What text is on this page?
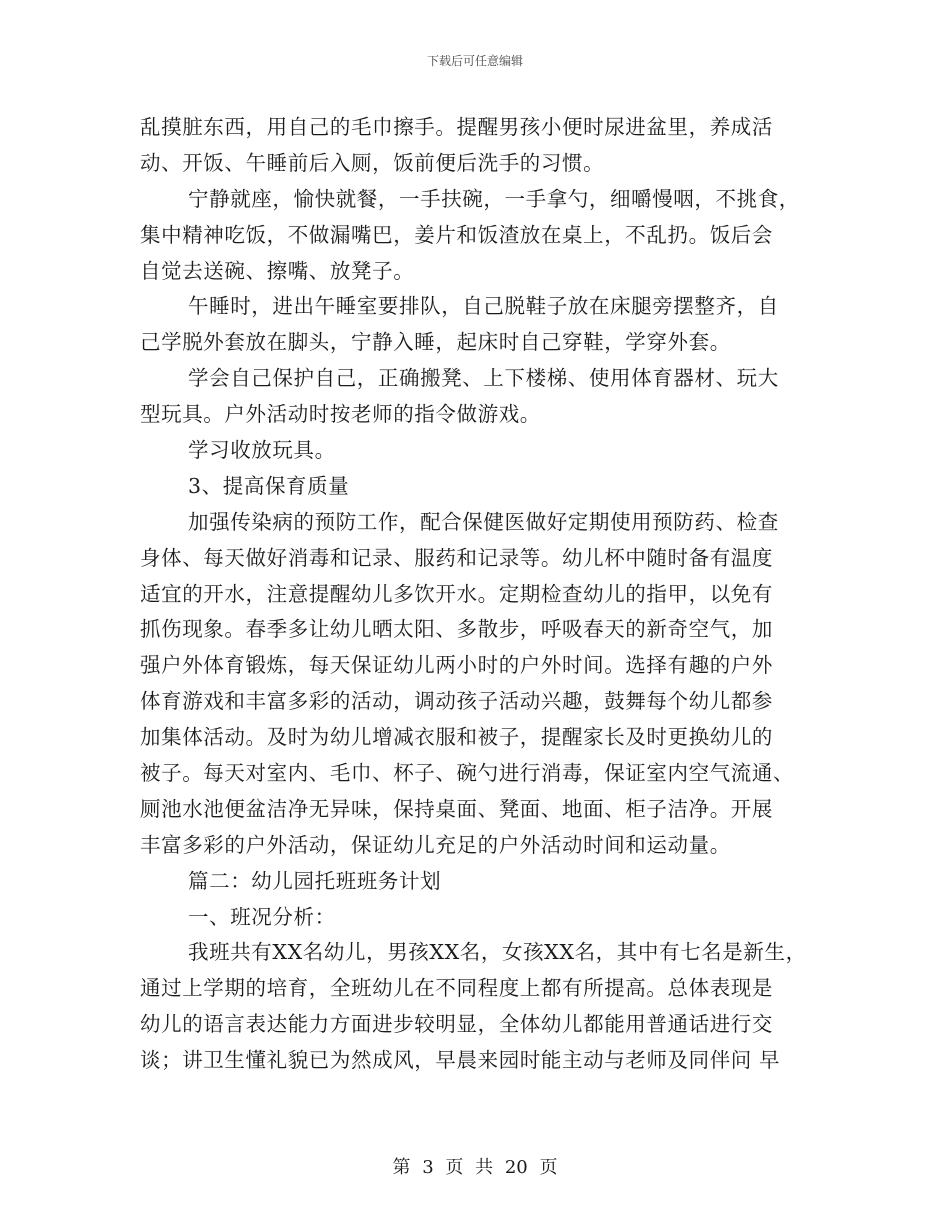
下载后可任意编辑
乱摸脏东西，用自己的毛巾擦手。提醒男孩小便时尿进盆里，养成活
动、开饭、午睡前后入厕，饭前便后洗手的习惯。
宁静就座，愉快就餐，一手扶碗，一手拿勺，细嚼慢咽，不挑食，
集中精神吃饭，不做漏嘴巴，姜片和饭渣放在桌上，不乱扔。饭后会
自觉去送碗、擦嘴、放凳子。
午睡时，进出午睡室要排队，自己脱鞋子放在床腿旁摆整齐，自
己学脱外套放在脚头，宁静入睡，起床时自己穿鞋，学穿外套。
学会自己保护自己，正确搬凳、上下楼梯、使用体育器材、玩大
型玩具。户外活动时按老师的指令做游戏。
学习收放玩具。
3、提高保育质量
加强传染病的预防工作，配合保健医做好定期使用预防药、检查
身体、每天做好消毒和记录、服药和记录等。幼儿杯中随时备有温度
适宜的开水，注意提醒幼儿多饮开水。定期检查幼儿的指甲，以免有
抓伤现象。春季多让幼儿晒太阳、多散步，呼吸春天的新奇空气，加
强户外体育锻炼，每天保证幼儿两小时的户外时间。选择有趣的户外
体育游戏和丰富多彩的活动，调动孩子活动兴趣，鼓舞每个幼儿都参
加集体活动。及时为幼儿增减衣服和被子，提醒家长及时更换幼儿的
被子。每天对室内、毛巾、杯子、碗勺进行消毒，保证室内空气流通、
厕池水池便盆洁净无异味，保持桌面、凳面、地面、柜子洁净。开展
丰富多彩的户外活动，保证幼儿充足的户外活动时间和运动量。
篇二：幼儿园托班班务计划
一、班况分析：
我班共有XX名幼儿，男孩XX名，女孩XX名，其中有七名是新生，
通过上学期的培育，全班幼儿在不同程度上都有所提高。总体表现是
幼儿的语言表达能力方面进步较明显，全体幼儿都能用普通话进行交
谈；讲卫生懂礼貌已为然成风，早晨来园时能主动与老师及同伴问 早
第 3 页 共 20 页
